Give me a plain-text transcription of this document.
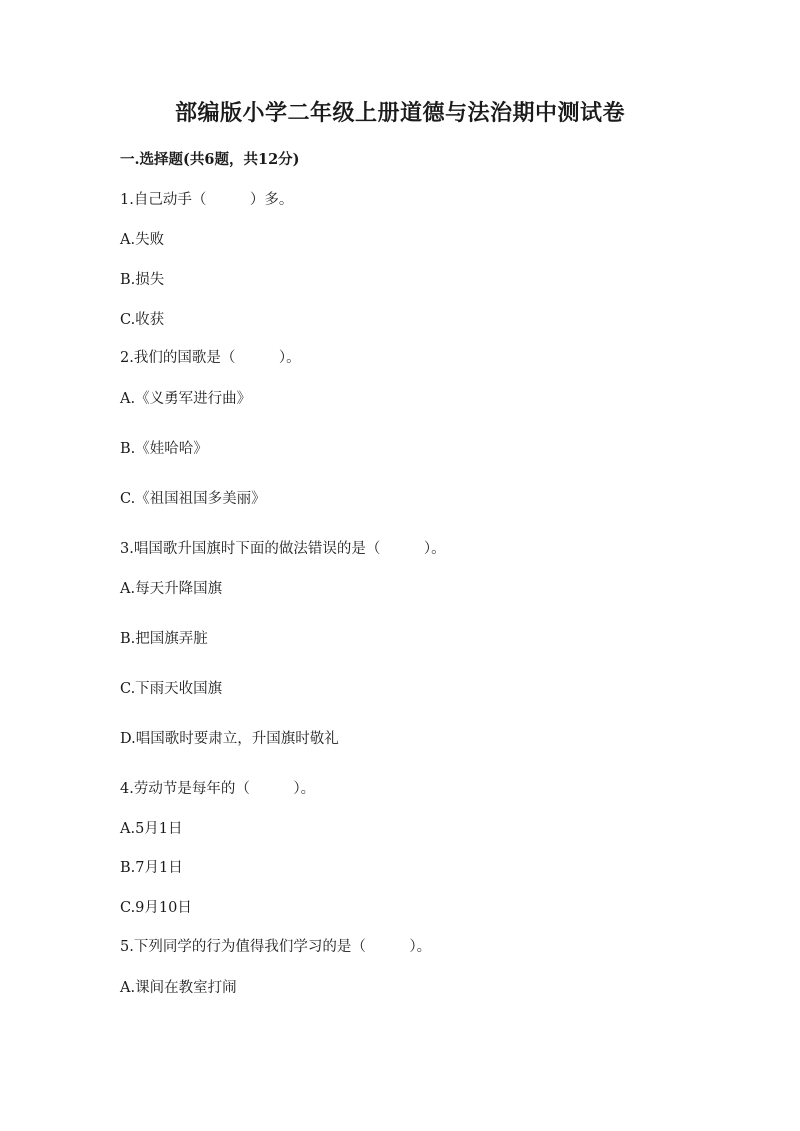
部编版小学二年级上册道德与法治期中测试卷
一.选择题(共6题，共12分)
1.自己动手（　　　）多。
A.失败
B.损失
C.收获
2.我们的国歌是（　　　）。
A.《义勇军进行曲》
B.《娃哈哈》
C.《祖国祖国多美丽》
3.唱国歌升国旗时下面的做法错误的是（　　　）。
A.每天升降国旗
B.把国旗弄脏
C.下雨天收国旗
D.唱国歌时要肃立，升国旗时敬礼
4.劳动节是每年的（　　　）。
A.5月1日
B.7月1日
C.9月10日
5.下列同学的行为值得我们学习的是（　　　）。
A.课间在教室打闹
